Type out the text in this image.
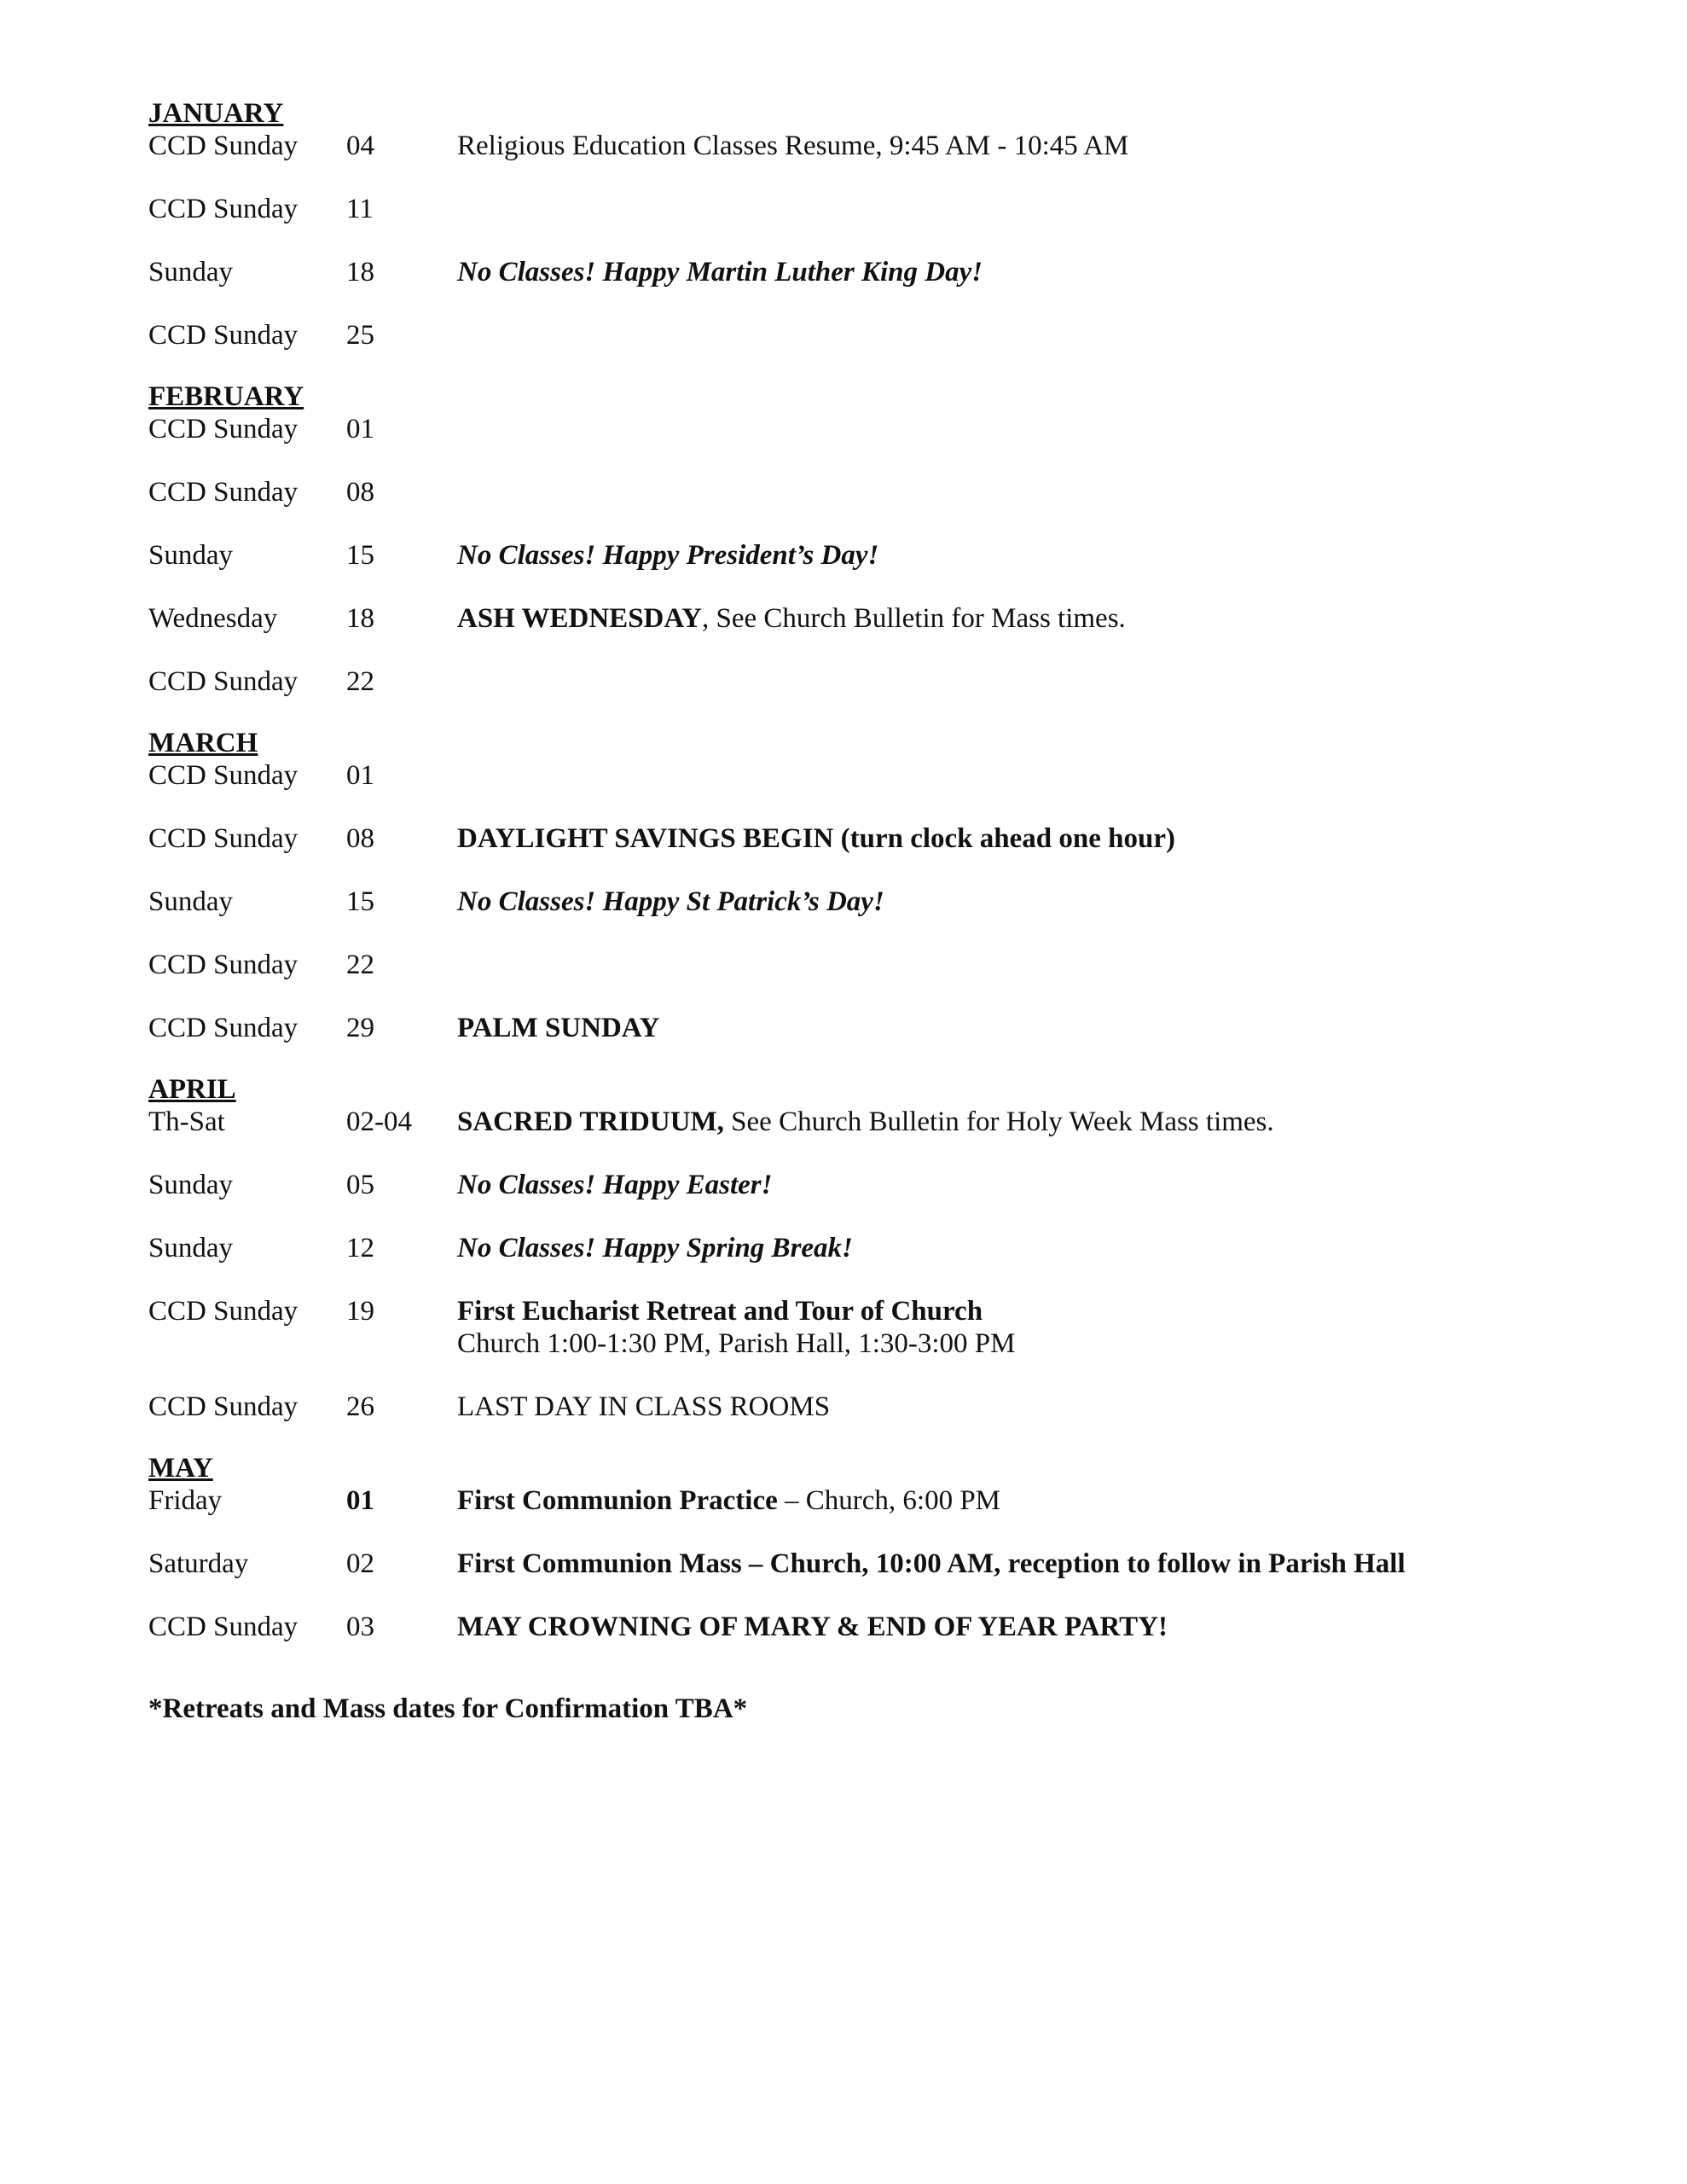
JANUARY
CCD Sunday	04	Religious Education Classes Resume, 9:45 AM - 10:45 AM
CCD Sunday	11
Sunday	18	No Classes! Happy Martin Luther King Day!
CCD Sunday	25
FEBRUARY
CCD Sunday	01
CCD Sunday	08
Sunday	15	No Classes! Happy President’s Day!
Wednesday	18	ASH WEDNESDAY, See Church Bulletin for Mass times.
CCD Sunday	22
MARCH
CCD Sunday	01
CCD Sunday	08	DAYLIGHT SAVINGS BEGIN (turn clock ahead one hour)
Sunday	15	No Classes! Happy St Patrick’s Day!
CCD Sunday	22
CCD Sunday	29	PALM SUNDAY
APRIL
Th-Sat	02-04	SACRED TRIDUUM, See Church Bulletin for Holy Week Mass times.
Sunday	05	No Classes! Happy Easter!
Sunday	12	No Classes! Happy Spring Break!
CCD Sunday	19	First Eucharist Retreat and Tour of Church
Church 1:00-1:30 PM, Parish Hall, 1:30-3:00 PM
CCD Sunday	26	LAST DAY IN CLASS ROOMS
MAY
Friday	01	First Communion Practice – Church, 6:00 PM
Saturday	02	First Communion Mass – Church, 10:00 AM, reception to follow in Parish Hall
CCD Sunday	03	MAY CROWNING OF MARY & END OF YEAR PARTY!
*Retreats and Mass dates for Confirmation TBA*
